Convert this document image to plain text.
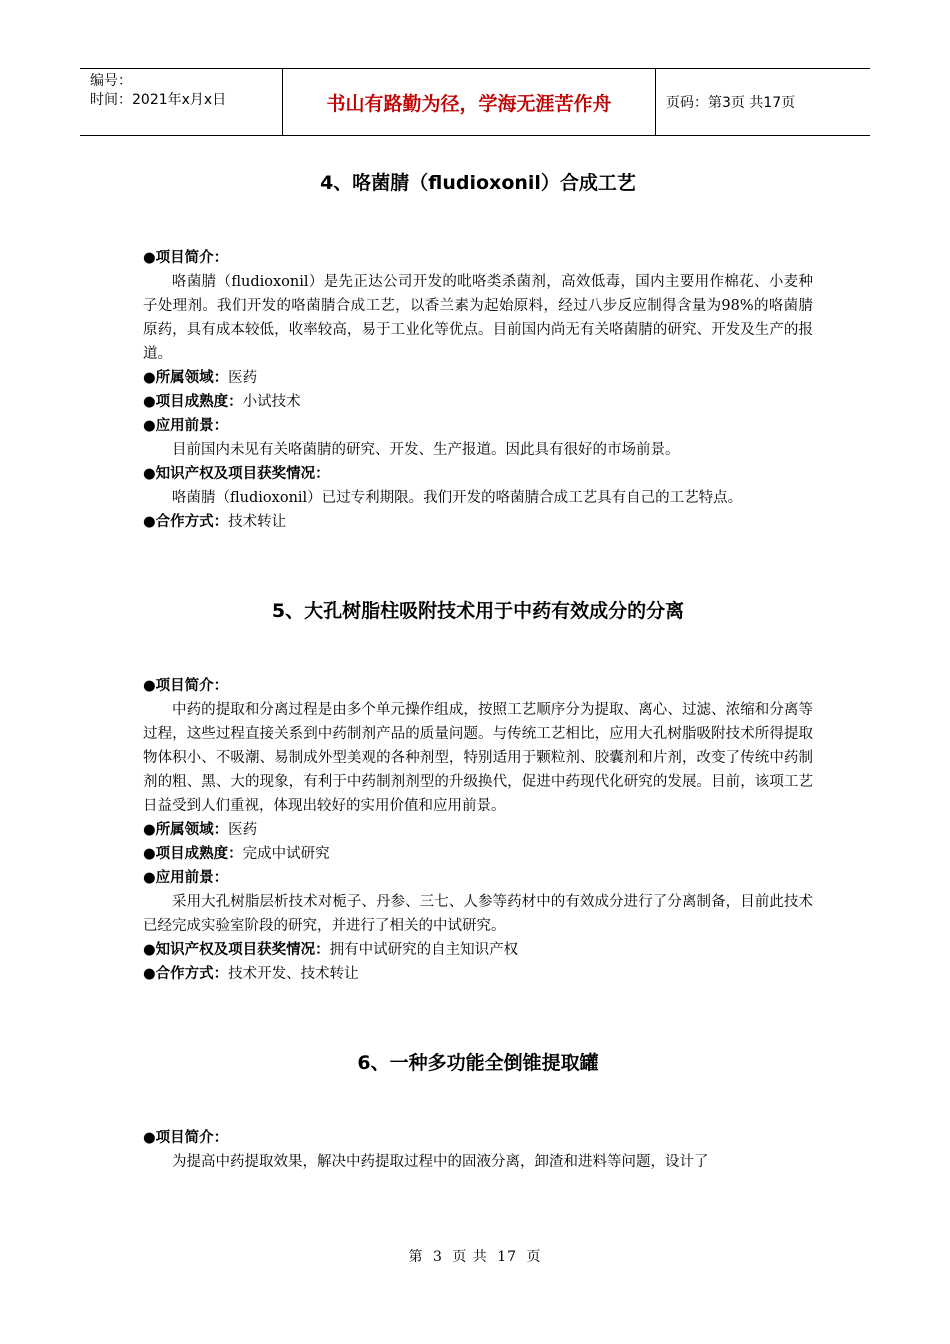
编号：
时间：2021年x月x日	书山有路勤为径，学海无涯苦作舟	页码：第3页 共17页
4、咯菌腈（fludioxonil）合成工艺

●项目简介：

咯菌腈（fludioxonil）是先正达公司开发的吡咯类杀菌剂，高效低毒，国内主要用作棉花、小麦种子处理剂。我们开发的咯菌腈合成工艺，以香兰素为起始原料，经过八步反应制得含量为98%的咯菌腈原药，具有成本较低，收率较高，易于工业化等优点。目前国内尚无有关咯菌腈的研究、开发及生产的报道。

●所属领域：医药

●项目成熟度：小试技术

●应用前景：

目前国内未见有关咯菌腈的研究、开发、生产报道。因此具有很好的市场前景。

●知识产权及项目获奖情况：

咯菌腈（fludioxonil）已过专利期限。我们开发的咯菌腈合成工艺具有自己的工艺特点。

●合作方式：技术转让

5、大孔树脂柱吸附技术用于中药有效成分的分离

●项目简介：

中药的提取和分离过程是由多个单元操作组成，按照工艺顺序分为提取、离心、过滤、浓缩和分离等过程，这些过程直接关系到中药制剂产品的质量问题。与传统工艺相比，应用大孔树脂吸附技术所得提取物体积小、不吸潮、易制成外型美观的各种剂型，特别适用于颗粒剂、胶囊剂和片剂，改变了传统中药制剂的粗、黑、大的现象，有利于中药制剂剂型的升级换代，促进中药现代化研究的发展。目前，该项工艺日益受到人们重视，体现出较好的实用价值和应用前景。

●所属领域：医药

●项目成熟度：完成中试研究

●应用前景：

采用大孔树脂层析技术对栀子、丹参、三七、人参等药材中的有效成分进行了分离制备，目前此技术已经完成实验室阶段的研究，并进行了相关的中试研究。

●知识产权及项目获奖情况：拥有中试研究的自主知识产权

●合作方式：技术开发、技术转让

6、一种多功能全倒锥提取罐

●项目简介：

为提高中药提取效果，解决中药提取过程中的固液分离，卸渣和进料等问题，设计了

第 3 页 共 17 页
